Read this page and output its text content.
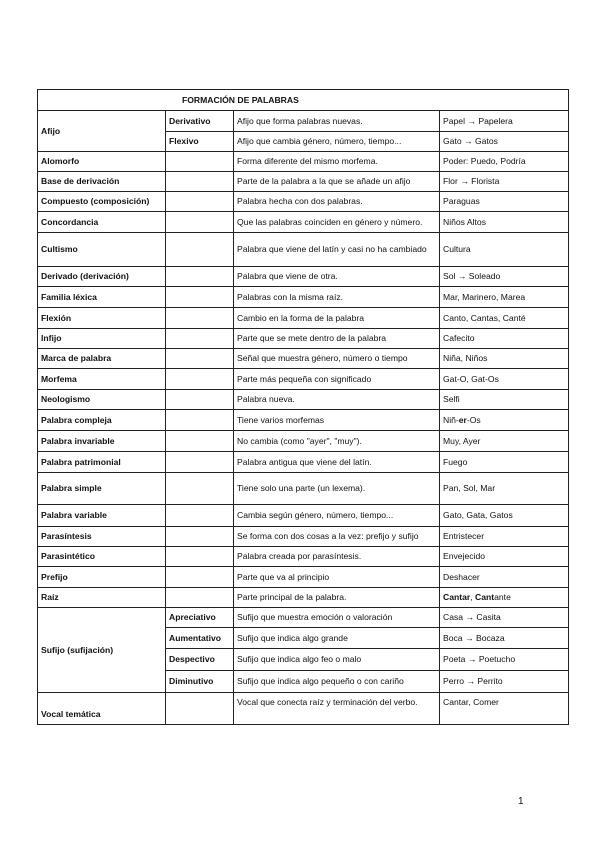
FORMACIÓN DE PALABRAS			
Afijo	Derivativo	Afijo que forma palabras nuevas.	Papel → Papelera
	Flexivo	Afijo que cambia género, número, tiempo...	Gato → Gatos
Alomorfo		Forma diferente del mismo morfema.	Poder: Puedo, Podría
Base de derivación		Parte de la palabra a la que se añade un afijo	Flor → Florista
Compuesto (composición)		Palabra hecha con dos palabras.	Paraguas
Concordancia		Que las palabras coinciden en género y número.	Niños Altos
Cultismo		Palabra que viene del latín y casi no ha cambiado	Cultura
Derivado (derivación)		Palabra que viene de otra.	Sol → Soleado
Familia léxica		Palabras con la misma raíz.	Mar, Marinero, Marea
Flexión		Cambio en la forma de la palabra	Canto, Cantas, Canté
Infijo		Parte que se mete dentro de la palabra	Cafecito
Marca de palabra		Señal que muestra género, número o tiempo	Niña, Niños
Morfema		Parte más pequeña con significado	Gat-O, Gat-Os
Neologismo		Palabra nueva.	Selfi
Palabra compleja		Tiene varios morfemas	Niñ-er-Os
Palabra invariable		No cambia (como "ayer", "muy").	Muy, Ayer
Palabra patrimonial		Palabra antigua que viene del latín.	Fuego
Palabra simple		Tiene solo una parte (un lexema).	Pan, Sol, Mar
Palabra variable		Cambia según género, número, tiempo...	Gato, Gata, Gatos
Parasíntesis		Se forma con dos cosas a la vez: prefijo y sufijo	Entristecer
Parasintético		Palabra creada por parasíntesis.	Envejecido
Prefijo		Parte que va al principio	Deshacer
Raíz		Parte principal de la palabra.	Cantar, Cantante
Sufijo (sufijación)	Apreciativo	Sufijo que muestra emoción o valoración	Casa → Casita
	Aumentativo	Sufijo que indica algo grande	Boca → Bocaza
	Despectivo	Sufijo que indica algo feo o malo	Poeta → Poetucho
	Diminutivo	Sufijo que indica algo pequeño o con cariño	Perro → Perrito
Vocal temática		Vocal que conecta raíz y terminación del verbo.	Cantar, Comer
1
